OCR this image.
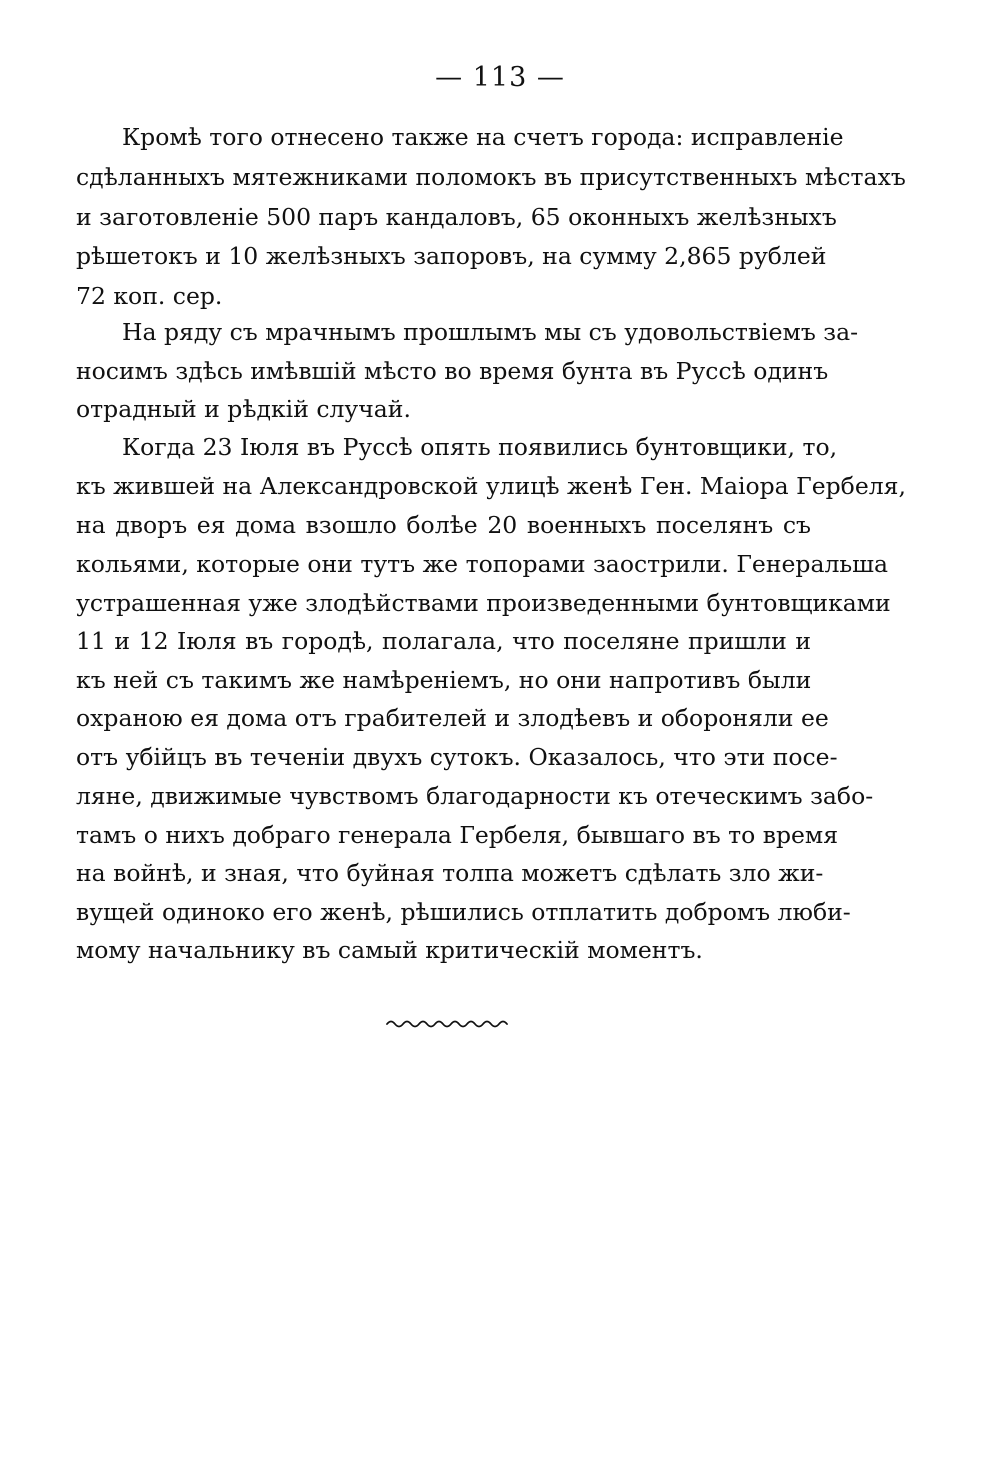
— 113 —
Кромѣ того отнесено также на счетъ города: исправленіе
сдѣланныхъ мятежниками поломокъ въ присутственныхъ мѣстахъ
и заготовленіе 500 паръ кандаловъ, 65 оконныхъ желѣзныхъ
рѣшетокъ и 10 желѣзныхъ запоровъ, на сумму 2,865 рублей
72 коп. сер.
На ряду съ мрачнымъ прошлымъ мы съ удовольствіемъ за-
носимъ здѣсь имѣвшій мѣсто во время бунта въ Руссѣ одинъ
отрадный и рѣдкій случай.
Когда 23 Іюля въ Руссѣ опять появились бунтовщики, то,
къ жившей на Александровской улицѣ женѣ Ген. Маіора Гербеля,
на дворъ ея дома взошло болѣе 20 военныхъ поселянъ съ
кольями, которые они тутъ же топорами заострили. Генеральша
устрашенная уже злодѣйствами произведенными бунтовщиками
11 и 12 Іюля въ городѣ, полагала, что поселяне пришли и
къ ней съ такимъ же намѣреніемъ, но они напротивъ были
охраною ея дома отъ грабителей и злодѣевъ и обороняли ее
отъ убійцъ въ теченіи двухъ сутокъ. Оказалось, что эти посе-
ляне, движимые чувствомъ благодарности къ отеческимъ забо-
тамъ о нихъ добраго генерала Гербеля, бывшаго въ то время
на войнѣ, и зная, что буйная толпа можетъ сдѣлать зло жи-
вущей одиноко его женѣ, рѣшились отплатить добромъ люби-
мому начальнику въ самый критическій моментъ.
